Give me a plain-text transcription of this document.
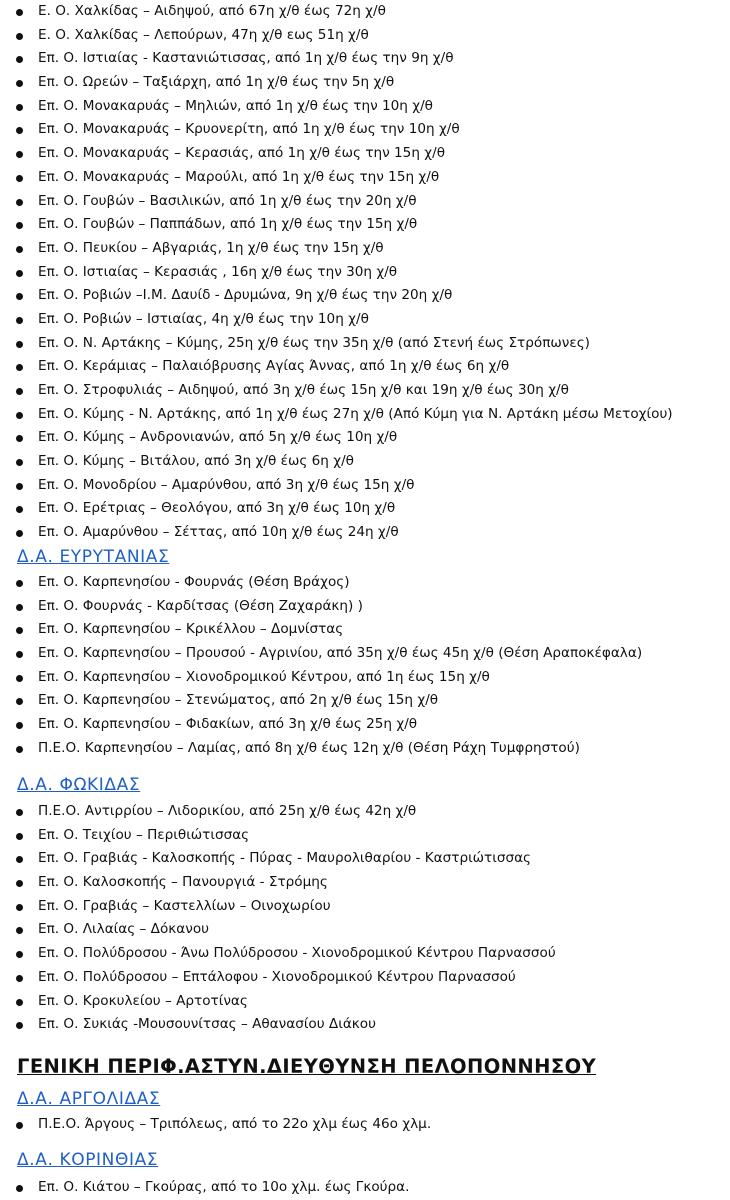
Ε. Ο. Χαλκίδας – Αιδηψού, από 67η χ/θ έως 72η χ/θ
Ε. Ο. Χαλκίδας – Λεπούρων, 47η χ/θ εως 51η χ/θ
Επ. Ο. Ιστιαίας - Κασταν​ιώτισσας, από 1η χ/θ έως την 9η χ/θ
Επ. Ο. Ωρεών – Ταξιάρχη, από 1η χ/θ έως την 5η χ/θ
Επ. Ο. Μονακαρυάς – Μηλιών, από 1η χ/θ έως την 10η χ/θ
Επ. Ο. Μονακαρυάς – Κρυονερίτη, από 1η χ/θ έως την 10η χ/θ
Επ. Ο. Μονακαρυάς – Κερασιάς, από 1η χ/θ έως την 15η χ/θ
Επ. Ο. Μονακαρυάς – Μαρούλι, από 1η χ/θ έως την 15η χ/θ
Επ. Ο. Γουβών – Βασιλικών, από 1η χ/θ έως την 20η χ/θ
Επ. Ο. Γουβών – Παππάδων, από 1η χ/θ έως την 15η χ/θ
Επ. Ο. Πευκίου – Αβγαριάς, 1η χ/θ έως την 15η χ/θ
Επ. Ο. Ιστιαίας – Κερασιάς , 16η χ/θ έως την 30η χ/θ
Επ. Ο. Ροβιών –Ι.Μ. Δαυίδ - Δρυμώνα, 9η χ/θ έως την 20η χ/θ
Επ. Ο. Ροβιών – Ιστιαίας, 4η χ/θ έως την 10η χ/θ
Επ. Ο. Ν. Αρτάκης – Κύμης, 25η χ/θ έως την 35η χ/θ (από Στενή έως Στρόπωνες)
Επ. Ο. Κεράμιας – Παλαιόβρυσης Αγίας Άννας, από 1η χ/θ έως 6η χ/θ
Επ. Ο. Στροφυλιάς – Αιδηψού, από 3η χ/θ έως 15η χ/θ και 19η χ/θ έως 30η χ/θ
Επ. Ο. Κύμης - Ν. Αρτάκης, από 1η χ/θ έως 27η χ/θ (Από Κύμη για Ν. Αρτάκη μέσω Μετοχίου)
Επ. Ο. Κύμης – Ανδρονιανών, από 5η χ/θ έως 10η χ/θ
Επ. Ο. Κύμης – Βιτάλου, από 3η χ/θ έως 6η χ/θ
Επ. Ο. Μονοδρίου – Αμαρύνθου, από 3η χ/θ έως 15η χ/θ
Επ. Ο. Ερέτριας – Θεολόγου, από 3η χ/θ έως 10η χ/θ
Επ. Ο. Αμαρύνθου – Σέττας, από 10η χ/θ έως 24η χ/θ
Δ.Α. ΕΥΡΥΤΑΝΙΑΣ
Επ. Ο. Καρπενησίου - Φουρνάς (Θέση Βράχος)
Επ. Ο. Φουρνάς - Καρδίτσας (Θέση Ζαχαράκη) )
Επ. Ο. Καρπενησίου – Κρικέλλου – Δομνίστας
Επ. Ο. Καρπενησίου – Προυσού - Αγρινίου, από 35η χ/θ έως 45η χ/θ (Θέση Αραποκέφαλα)
Επ. Ο. Καρπενησίου – Χιονοδρομικού Κέντρου, από 1η έως 15η χ/θ
Επ. Ο. Καρπενησίου – Στενώματος, από 2η χ/θ έως 15η χ/θ
Επ. Ο. Καρπενησίου – Φιδακίων, από 3η χ/θ έως 25η χ/θ
Π.Ε.Ο. Καρπενησίου – Λαμίας, από 8η χ/θ έως 12η χ/θ (Θέση Ράχη Τυμφρηστού)
Δ.Α. ΦΩΚΙΔΑΣ
Π.Ε.Ο. Αντιρρίου – Λιδορικίου, από 25η χ/θ έως 42η χ/θ
Επ. Ο. Τειχίου – Περιθιώτισσας
Επ. Ο. Γραβιάς - Καλοσκοπής - Πύρας - Μαυρολιθαρίου - Καστριώτισσας
Επ. Ο. Καλοσκοπής – Πανουργιά - Στρόμης
Επ. Ο. Γραβιάς – Καστελλίων – Οινοχωρίου
Επ. Ο. Λιλαίας – Δόκανου
Επ. Ο. Πολύδροσου - Άνω Πολύδροσου - Χιονοδρομικού Κέντρου Παρνασσού
Επ. Ο. Πολύδροσου – Επτάλοφου - Χιονοδρομικού Κέντρου Παρνασσού
Επ. Ο. Κροκυλείου – Αρτοτίνας
Επ. Ο. Συκιάς -Μουσουνίτσας – Αθανασίου Διάκου
ΓΕΝΙΚΗ ΠΕΡΙΦ.ΑΣΤΥΝ.ΔΙΕΥΘΥΝΣΗ ΠΕΛΟΠΟΝΝΗΣΟΥ
Δ.Α. ΑΡΓΟΛΙΔΑΣ
Π.Ε.Ο. Άργους – Τριπόλεως, από το 22ο χλμ έως 46ο χλμ.
Δ.Α. ΚΟΡΙΝΘΙΑΣ
Επ. Ο. Κιάτου – Γκούρας, από το 10ο χλμ. έως Γκούρα.
